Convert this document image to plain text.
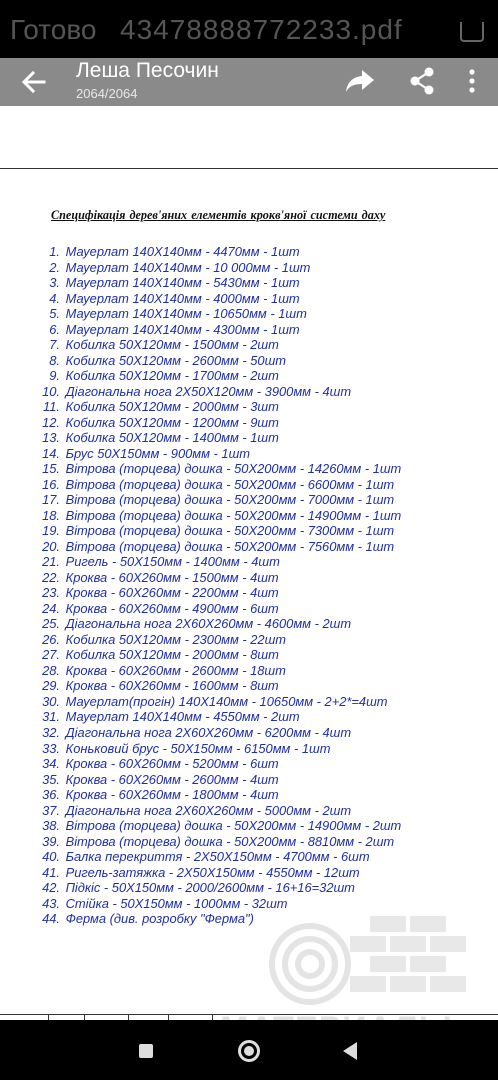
Готово 43478888772233.pdf
Леша Песочин
2064/2064
Специфікація дерев'яних елементів крокв'яної системи даху
1. Мауерлат 140Х140мм - 4470мм - 1шт
2. Мауерлат 140Х140мм - 10 000мм - 1шт
3. Мауерлат 140Х140мм - 5430мм - 1шт
4. Мауерлат 140Х140мм - 4000мм - 1шт
5. Мауерлат 140Х140мм - 10650мм - 1шт
6. Мауерлат 140Х140мм - 4300мм - 1шт
7. Кобилка 50Х120мм - 1500мм - 2шт
8. Кобилка 50Х120мм - 2600мм - 50шт
9. Кобилка 50Х120мм - 1700мм - 2шт
10. Діагональна нога 2Х50Х120мм - 3900мм - 4шт
11. Кобилка 50Х120мм - 2000мм - 3шт
12. Кобилка 50Х120мм - 1200мм - 9шт
13. Кобилка 50Х120мм - 1400мм - 1шт
14. Брус 50Х150мм - 900мм - 1шт
15. Вітрова (торцева) дошка - 50Х200мм - 14260мм - 1шт
16. Вітрова (торцева) дошка - 50Х200мм - 6600мм - 1шт
17. Вітрова (торцева) дошка - 50Х200мм - 7000мм - 1шт
18. Вітрова (торцева) дошка - 50Х200мм - 14900мм - 1шт
19. Вітрова (торцева) дошка - 50Х200мм - 7300мм - 1шт
20. Вітрова (торцева) дошка - 50Х200мм - 7560мм - 1шт
21. Ригель - 50Х150мм - 1400мм - 4шт
22. Кроква - 60Х260мм - 1500мм - 4шт
23. Кроква - 60Х260мм - 2200мм - 4шт
24. Кроква - 60Х260мм - 4900мм - 6шт
25. Діагональна нога 2Х60Х260мм - 4600мм - 2шт
26. Кобилка 50Х120мм - 2300мм - 22шт
27. Кобилка 50Х120мм - 2000мм - 8шт
28. Кроква - 60Х260мм - 2600мм - 18шт
29. Кроква - 60Х260мм - 1600мм - 8шт
30. Мауерлат(прогін) 140Х140мм - 10650мм - 2+2*=4шт
31. Мауерлат 140Х140мм - 4550мм - 2шт
32. Діагональна нога 2Х60Х260мм - 6200мм - 4шт
33. Коньковий брус - 50Х150мм - 6150мм - 1шт
34. Кроква - 60Х260мм - 5200мм - 6шт
35. Кроква - 60Х260мм - 2600мм - 4шт
36. Кроква - 60Х260мм - 1800мм - 4шт
37. Діагональна нога 2Х60Х260мм - 5000мм - 2шт
38. Вітрова (торцева) дошка - 50Х200мм - 14900мм - 2шт
39. Вітрова (торцева) дошка - 50Х200мм - 8810мм - 2шт
40. Балка перекриття - 2Х50Х150мм - 4700мм - 6шт
41. Ригель-затяжка - 2Х50Х150мм - 4550мм - 12шт
42. Підкіс - 50Х150мм - 2000/2600мм - 16+16=32шт
43. Стійка - 50Х150мм - 1000мм - 32шт
44. Ферма (див. розробку "Ферма")
